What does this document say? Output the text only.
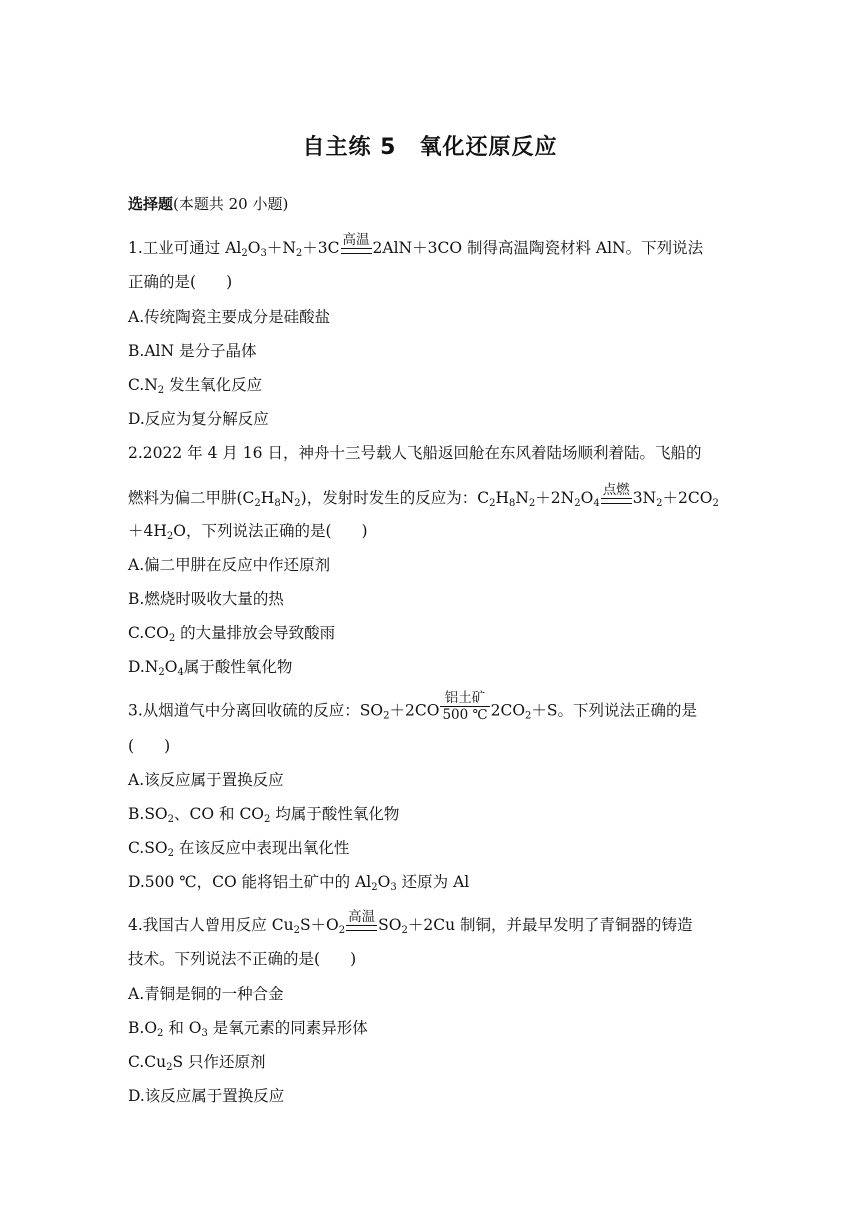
自主练 5　氧化还原反应
选择题(本题共 20 小题)
1.工业可通过 $Al_2O_3+N_2+3C$ 高温 2AlN＋3CO 制得高温陶瓷材料 AlN。下列说法
正确的是( )
A.传统陶瓷主要成分是硅酸盐
B.AlN 是分子晶体
$C.N_2$ 发生氧化反应
D.反应为复分解反应
2.2022 年 4 月 16 日，神舟十三号载人飞船返回舱在东风着陆场顺利着陆。飞船的
燃料为偏二甲肼$(C_2H_8N_2)$，发射时发生的反应为：$C_2H_8N_2+2N_2O_4$
点燃 $3N_2+2CO_2$
$+4H_2O$，下列说法正确的是( )
A.偏二甲肼在反应中作还原剂
B.燃烧时吸收大量的热
$C.CO_2$ 的大量排放会导致酸雨
$D.N_2O_4$属于酸性氧化物
3.从烟道气中分离回收硫的反应：$SO_2+2CO \frac{\text{铝土矿}}{500 ℃} 2CO_2+S$。下列说法正确的是
( )
A.该反应属于置换反应
$B.SO_2$、CO 和 $CO_2$ 均属于酸性氧化物
$C.SO_2$ 在该反应中表现出氧化性
D.500 ℃，CO 能将铝土矿中的 $Al_2O_3$ 还原为 Al
4.我国古人曾用反应 $Cu_2S+O_2$
高温 $SO_2+2Cu$ 制铜，并最早发明了青铜器的铸造
技术。下列说法不正确的是( )
A.青铜是铜的一种合金
$B.O_2$ 和 $O_3$ 是氧元素的同素异形体
$C.Cu_2S$ 只作还原剂
D.该反应属于置换反应
